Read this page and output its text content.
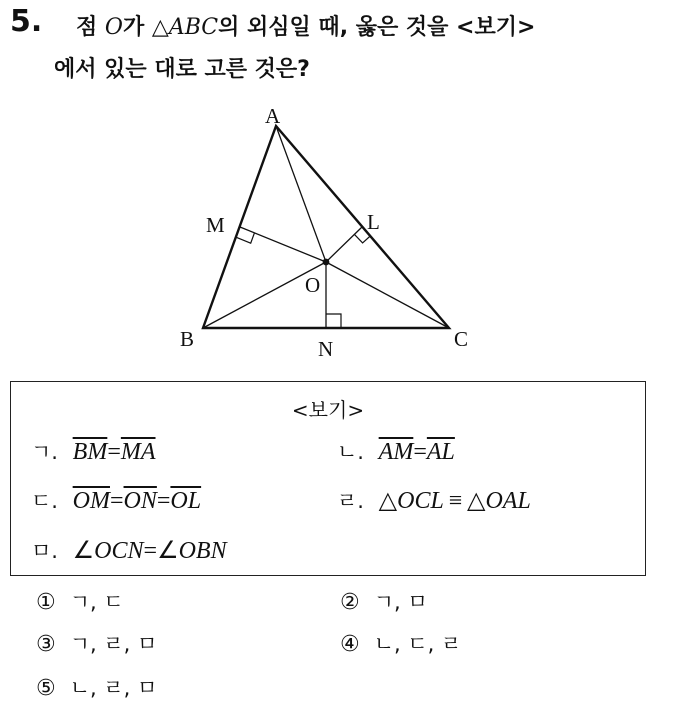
5. 점 O가 △ABC의 외심일 때, 옳은 것을 <보기>
에서 있는 대로 고른 것은?
A
M	L
O
B	N	C
<보기>
ㄱ. $\overline{BM}=\overline{MA}$	ㄴ. $\overline{AM}=\overline{AL}$
ㄷ. $\overline{OM}=\overline{ON}=\overline{OL}$	ㄹ. △OCL  ≡  △OAL
ㅁ. ∠OCN=∠OBN
① ㄱ, ㄷ	② ㄱ, ㅁ
③ ㄱ, ㄹ, ㅁ	④ ㄴ, ㄷ, ㄹ
⑤ ㄴ, ㄹ, ㅁ
